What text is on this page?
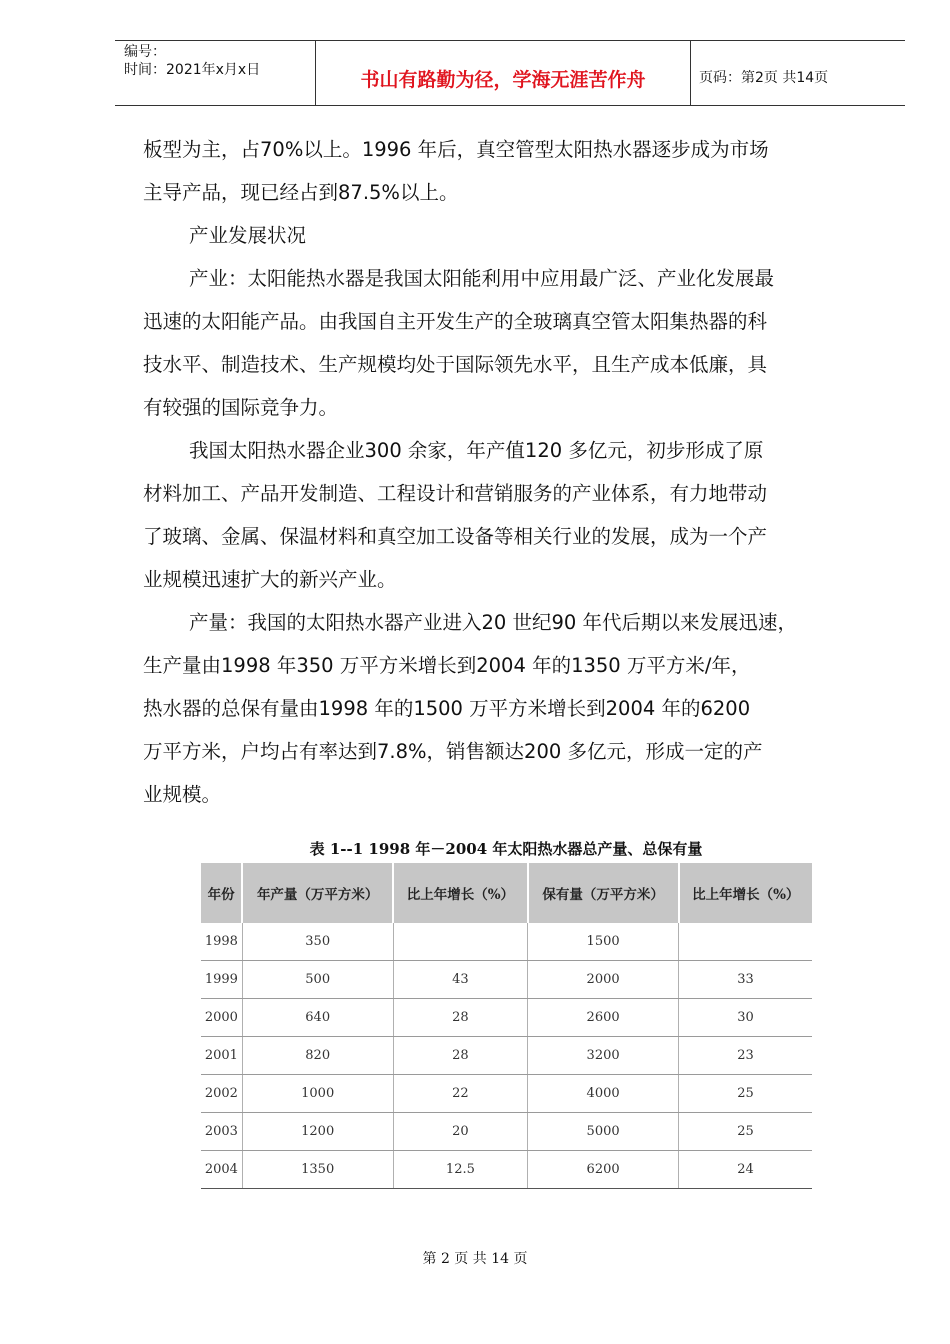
编号：
时间：2021年x月x日	书山有路勤为径，学海无涯苦作舟	页码：第2页 共14页
板型为主，占70%以上。1996 年后，真空管型太阳热水器逐步成为市场
主导产品，现已经占到87.5%以上。
产业发展状况
产业：太阳能热水器是我国太阳能利用中应用最广泛、产业化发展最
迅速的太阳能产品。由我国自主开发生产的全玻璃真空管太阳集热器的科
技水平、制造技术、生产规模均处于国际领先水平，且生产成本低廉，具
有较强的国际竞争力。
我国太阳热水器企业300 余家，年产值120 多亿元，初步形成了原
材料加工、产品开发制造、工程设计和营销服务的产业体系，有力地带动
了玻璃、金属、保温材料和真空加工设备等相关行业的发展，成为一个产
业规模迅速扩大的新兴产业。
产量：我国的太阳热水器产业进入20 世纪90 年代后期以来发展迅速，
生产量由1998 年350 万平方米增长到2004 年的1350 万平方米/年，
热水器的总保有量由1998 年的1500 万平方米增长到2004 年的6200
万平方米，户均占有率达到7.8%，销售额达200 多亿元，形成一定的产
业规模。
表 1--1 1998 年－2004 年太阳热水器总产量、总保有量
年份	年产量（万平方米）	比上年增长（%）	保有量（万平方米）	比上年增长（%）
1998	350		1500	
1999	500	43	2000	33
2000	640	28	2600	30
2001	820	28	3200	23
2002	1000	22	4000	25
2003	1200	20	5000	25
2004	1350	12.5	6200	24
第 2 页 共 14 页
